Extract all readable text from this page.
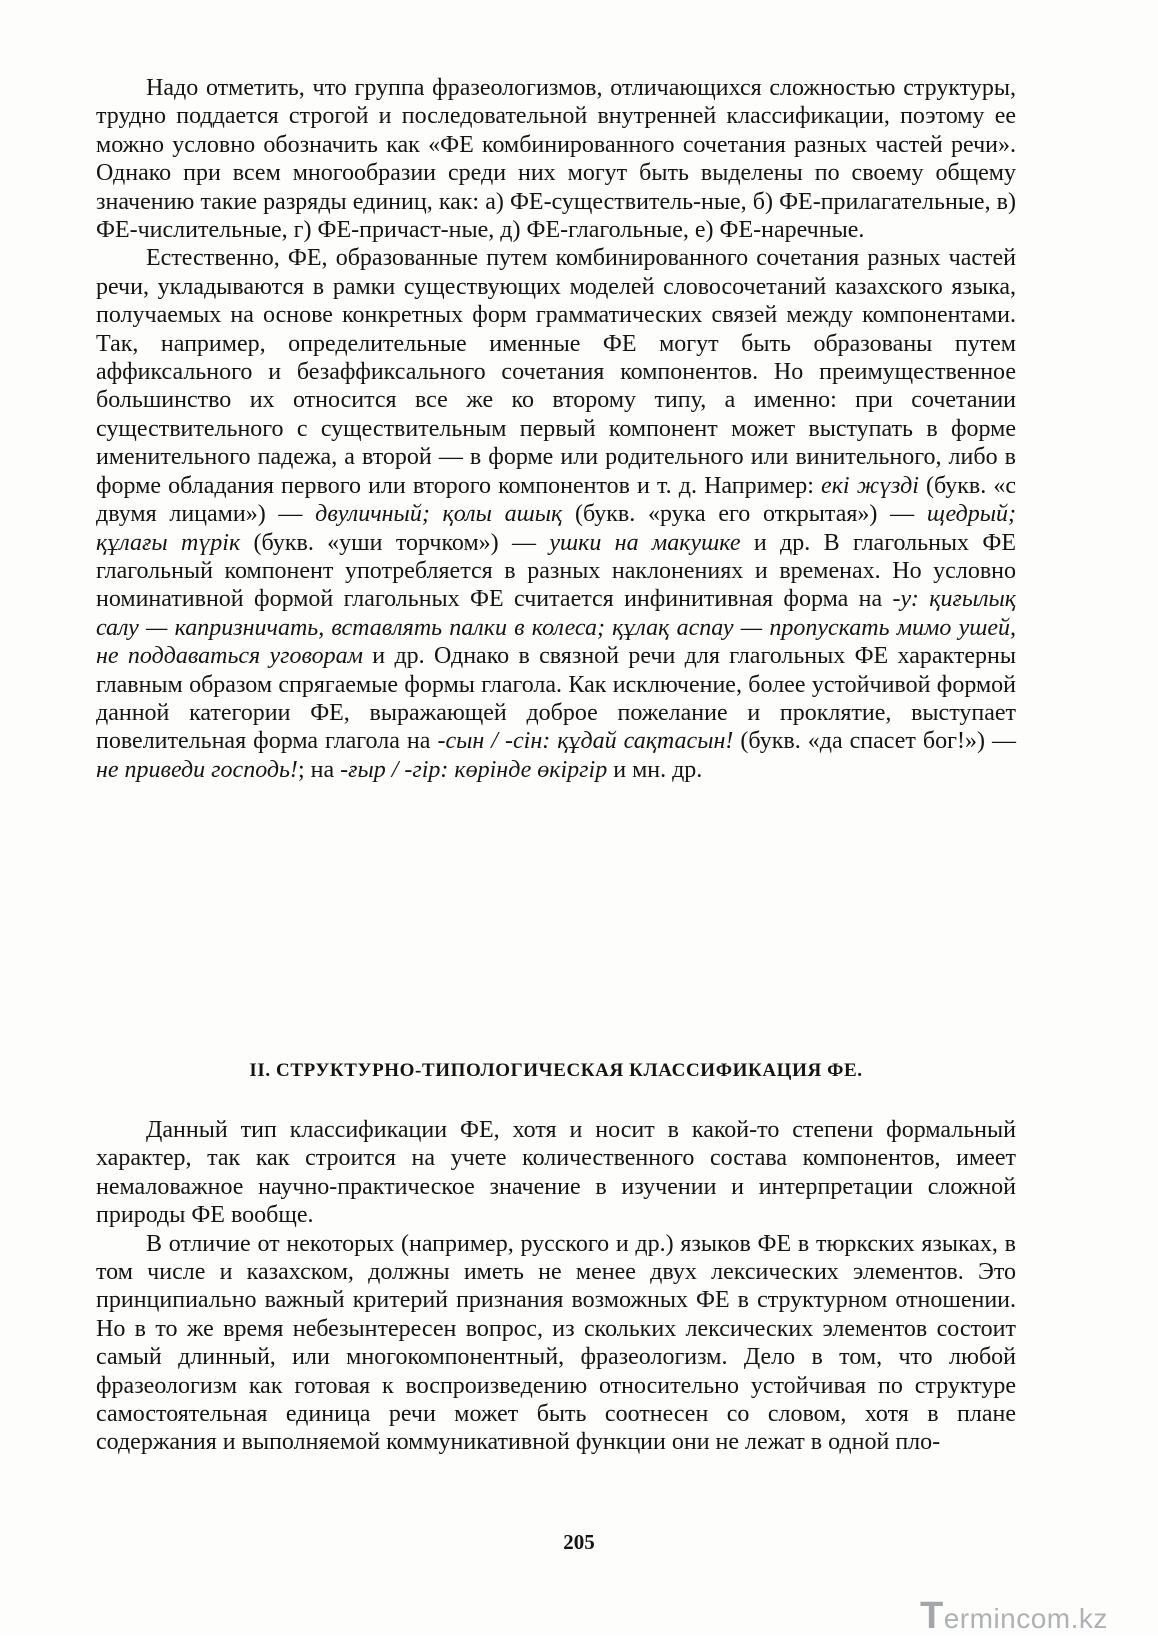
Надо отметить, что группа фразеологизмов, отличающихся сложностью структуры, трудно поддается строгой и последовательной внутренней классификации, поэтому ее можно условно обозначить как «ФЕ комбинированного сочетания разных частей речи». Однако при всем многообразии среди них могут быть выделены по своему общему значению такие разряды единиц, как: а) ФЕ-существитель-ные, б) ФЕ-прилагательные, в) ФЕ-числительные, г) ФЕ-причаст-ные, д) ФЕ-глагольные, е) ФЕ-наречные.

Естественно, ФЕ, образованные путем комбинированного сочетания разных частей речи, укладываются в рамки существующих моделей словосочетаний казахского языка, получаемых на основе конкретных форм грамматических связей между компонентами. Так, например, определительные именные ФЕ могут быть образованы путем аффиксального и безаффиксального сочетания компонентов. Но преимущественное большинство их относится все же ко второму типу, а именно: при сочетании существительного с существительным первый компонент может выступать в форме именительного падежа, а второй — в форме или родительного или винительного, либо в форме обладания первого или второго компонентов и т. д. Например: екі жүзді (букв. «с двумя лицами») — двуличный; қолы ашық (букв. «рука его открытая») — щедрый; құлағы түрік (букв. «уши торчком») — ушки на макушке и др. В глагольных ФЕ глагольный компонент употребляется в разных наклонениях и временах. Но условно номинативной формой глагольных ФЕ считается инфинитивная форма на -у: қиғылық салу — капризничать, вставлять палки в колеса; құлақ аспау — пропускать мимо ушей, не поддаваться уговорам и др. Однако в связной речи для глагольных ФЕ характерны главным образом спрягаемые формы глагола. Как исключение, более устойчивой формой данной категории ФЕ, выражающей доброе пожелание и проклятие, выступает повелительная форма глагола на -сын / -сін: құдай сақтасын! (букв. «да спасет бог!») — не приведи господь!; на -ғыр / -гір: көрінде өкіргір и мн. др.

II. СТРУКТУРНО-ТИПОЛОГИЧЕСКАЯ КЛАССИФИКАЦИЯ ФЕ.

Данный тип классификации ФЕ, хотя и носит в какой-то степени формальный характер, так как строится на учете количественного состава компонентов, имеет немаловажное научно-практическое значение в изучении и интерпретации сложной природы ФЕ вообще.

В отличие от некоторых (например, русского и др.) языков ФЕ в тюркских языках, в том числе и казахском, должны иметь не менее двух лексических элементов. Это принципиально важный критерий признания возможных ФЕ в структурном отношении. Но в то же время небезынтересен вопрос, из скольких лексических элементов состоит самый длинный, или многокомпонентный, фразеологизм. Дело в том, что любой фразеологизм как готовая к воспроизведению относительно устойчивая по структуре самостоятельная единица речи может быть соотнесен со словом, хотя в плане содержания и выполняемой коммуникативной функции они не лежат в одной пло-

205
Termincom.kz
